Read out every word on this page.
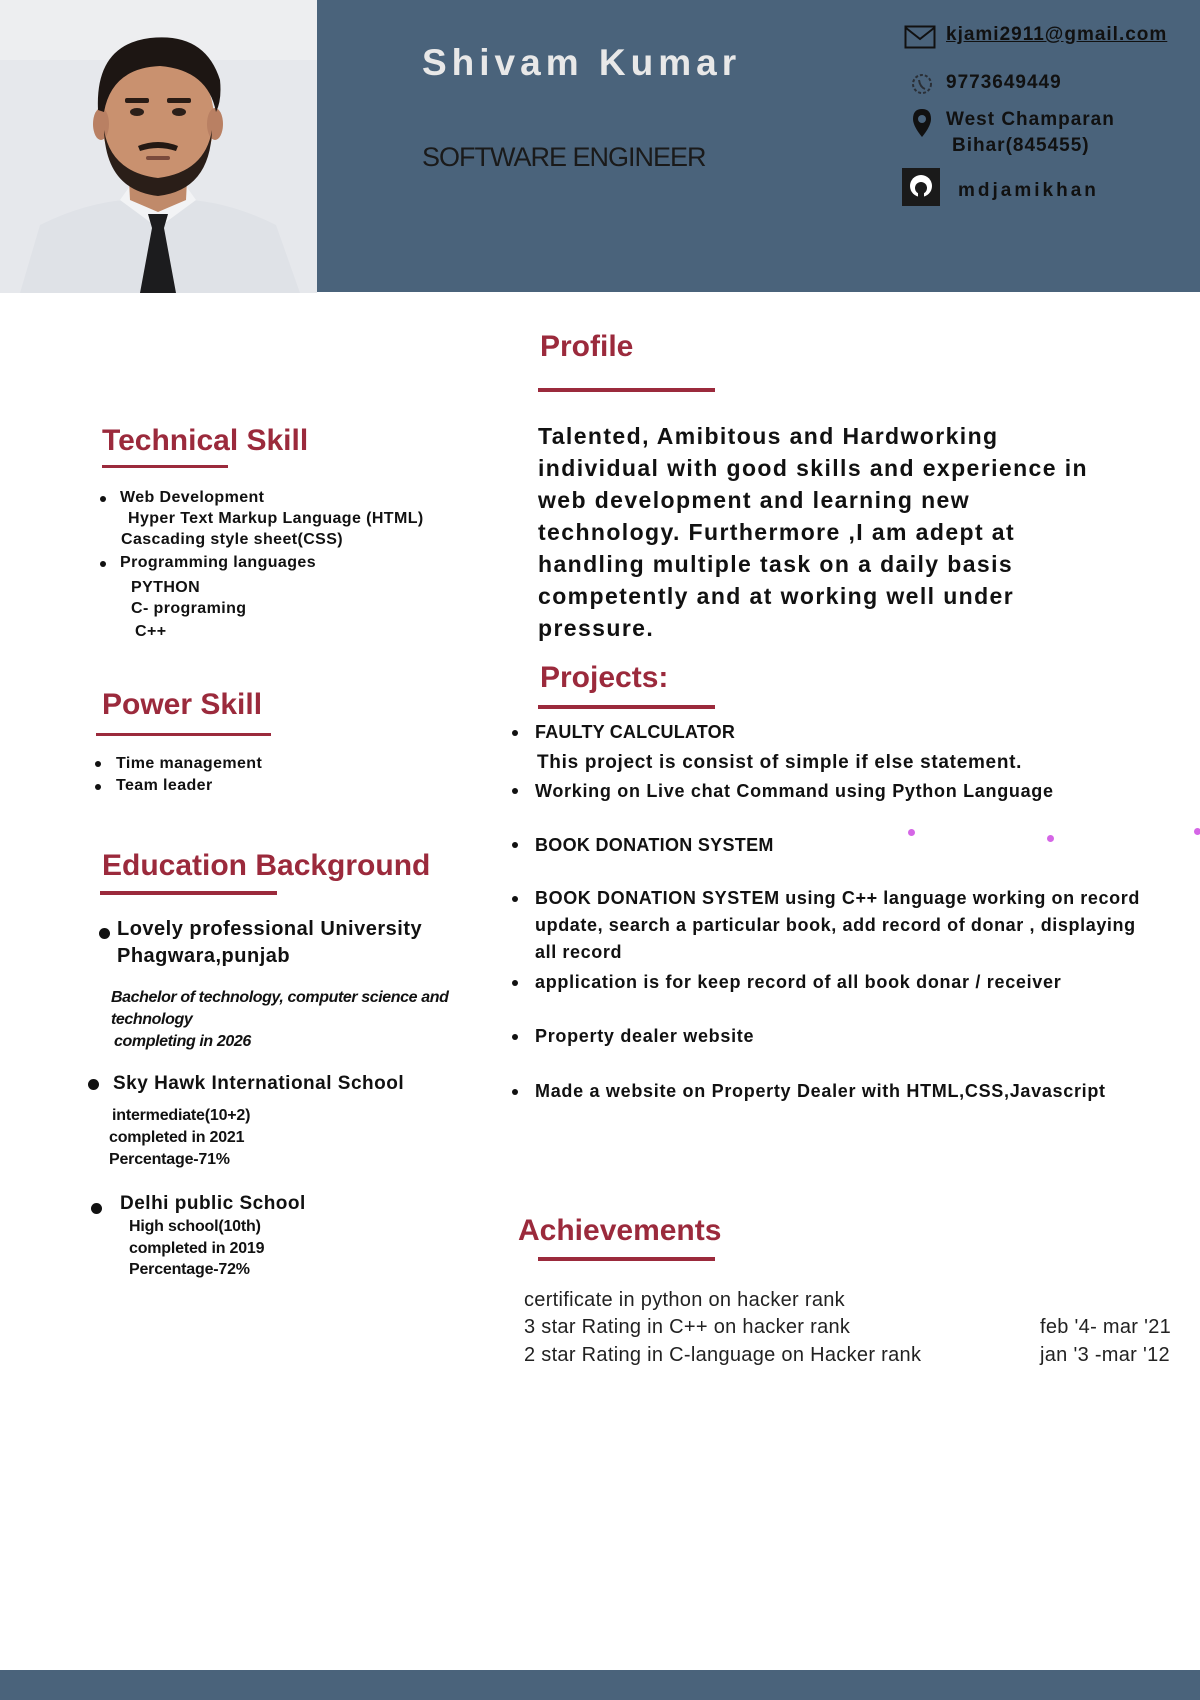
Shivam Kumar
SOFTWARE ENGINEER
kjami2911@gmail.com
9773649449
West Champaran
Bihar(845455)
mdjamikhan
Profile
Talented, Amibitous and Hardworking individual with good skills and experience in web development and learning new technology. Furthermore ,I am adept at handling multiple task on a daily basis competently and at working well under pressure.
Technical Skill
Web Development
Hyper Text Markup Language (HTML)
Cascading style sheet(CSS)
Programming languages
PYTHON
C- programing
C++
Power Skill
Time management
Team leader
Education Background
Lovely professional University
Phagwara,punjab
Bachelor of technology, computer science and technology
completing in 2026
Sky Hawk International School
intermediate(10+2)
completed in 2021
Percentage-71%
Delhi public School
High school(10th)
completed in 2019
Percentage-72%
Projects:
FAULTY CALCULATOR
This project is consist of simple if else statement.
Working on Live chat Command using Python Language
BOOK DONATION SYSTEM
BOOK DONATION SYSTEM using C++ language working on record update, search a particular book, add record of donar , displaying all record
application is for keep record of all book donar / receiver
Property dealer website
Made a website on Property Dealer with HTML,CSS,Javascript
Achievements
certificate in python on hacker rank
3 star Rating in C++ on hacker rank	feb '4- mar '21
2 star Rating in C-language on Hacker rank	jan '3 -mar '12
